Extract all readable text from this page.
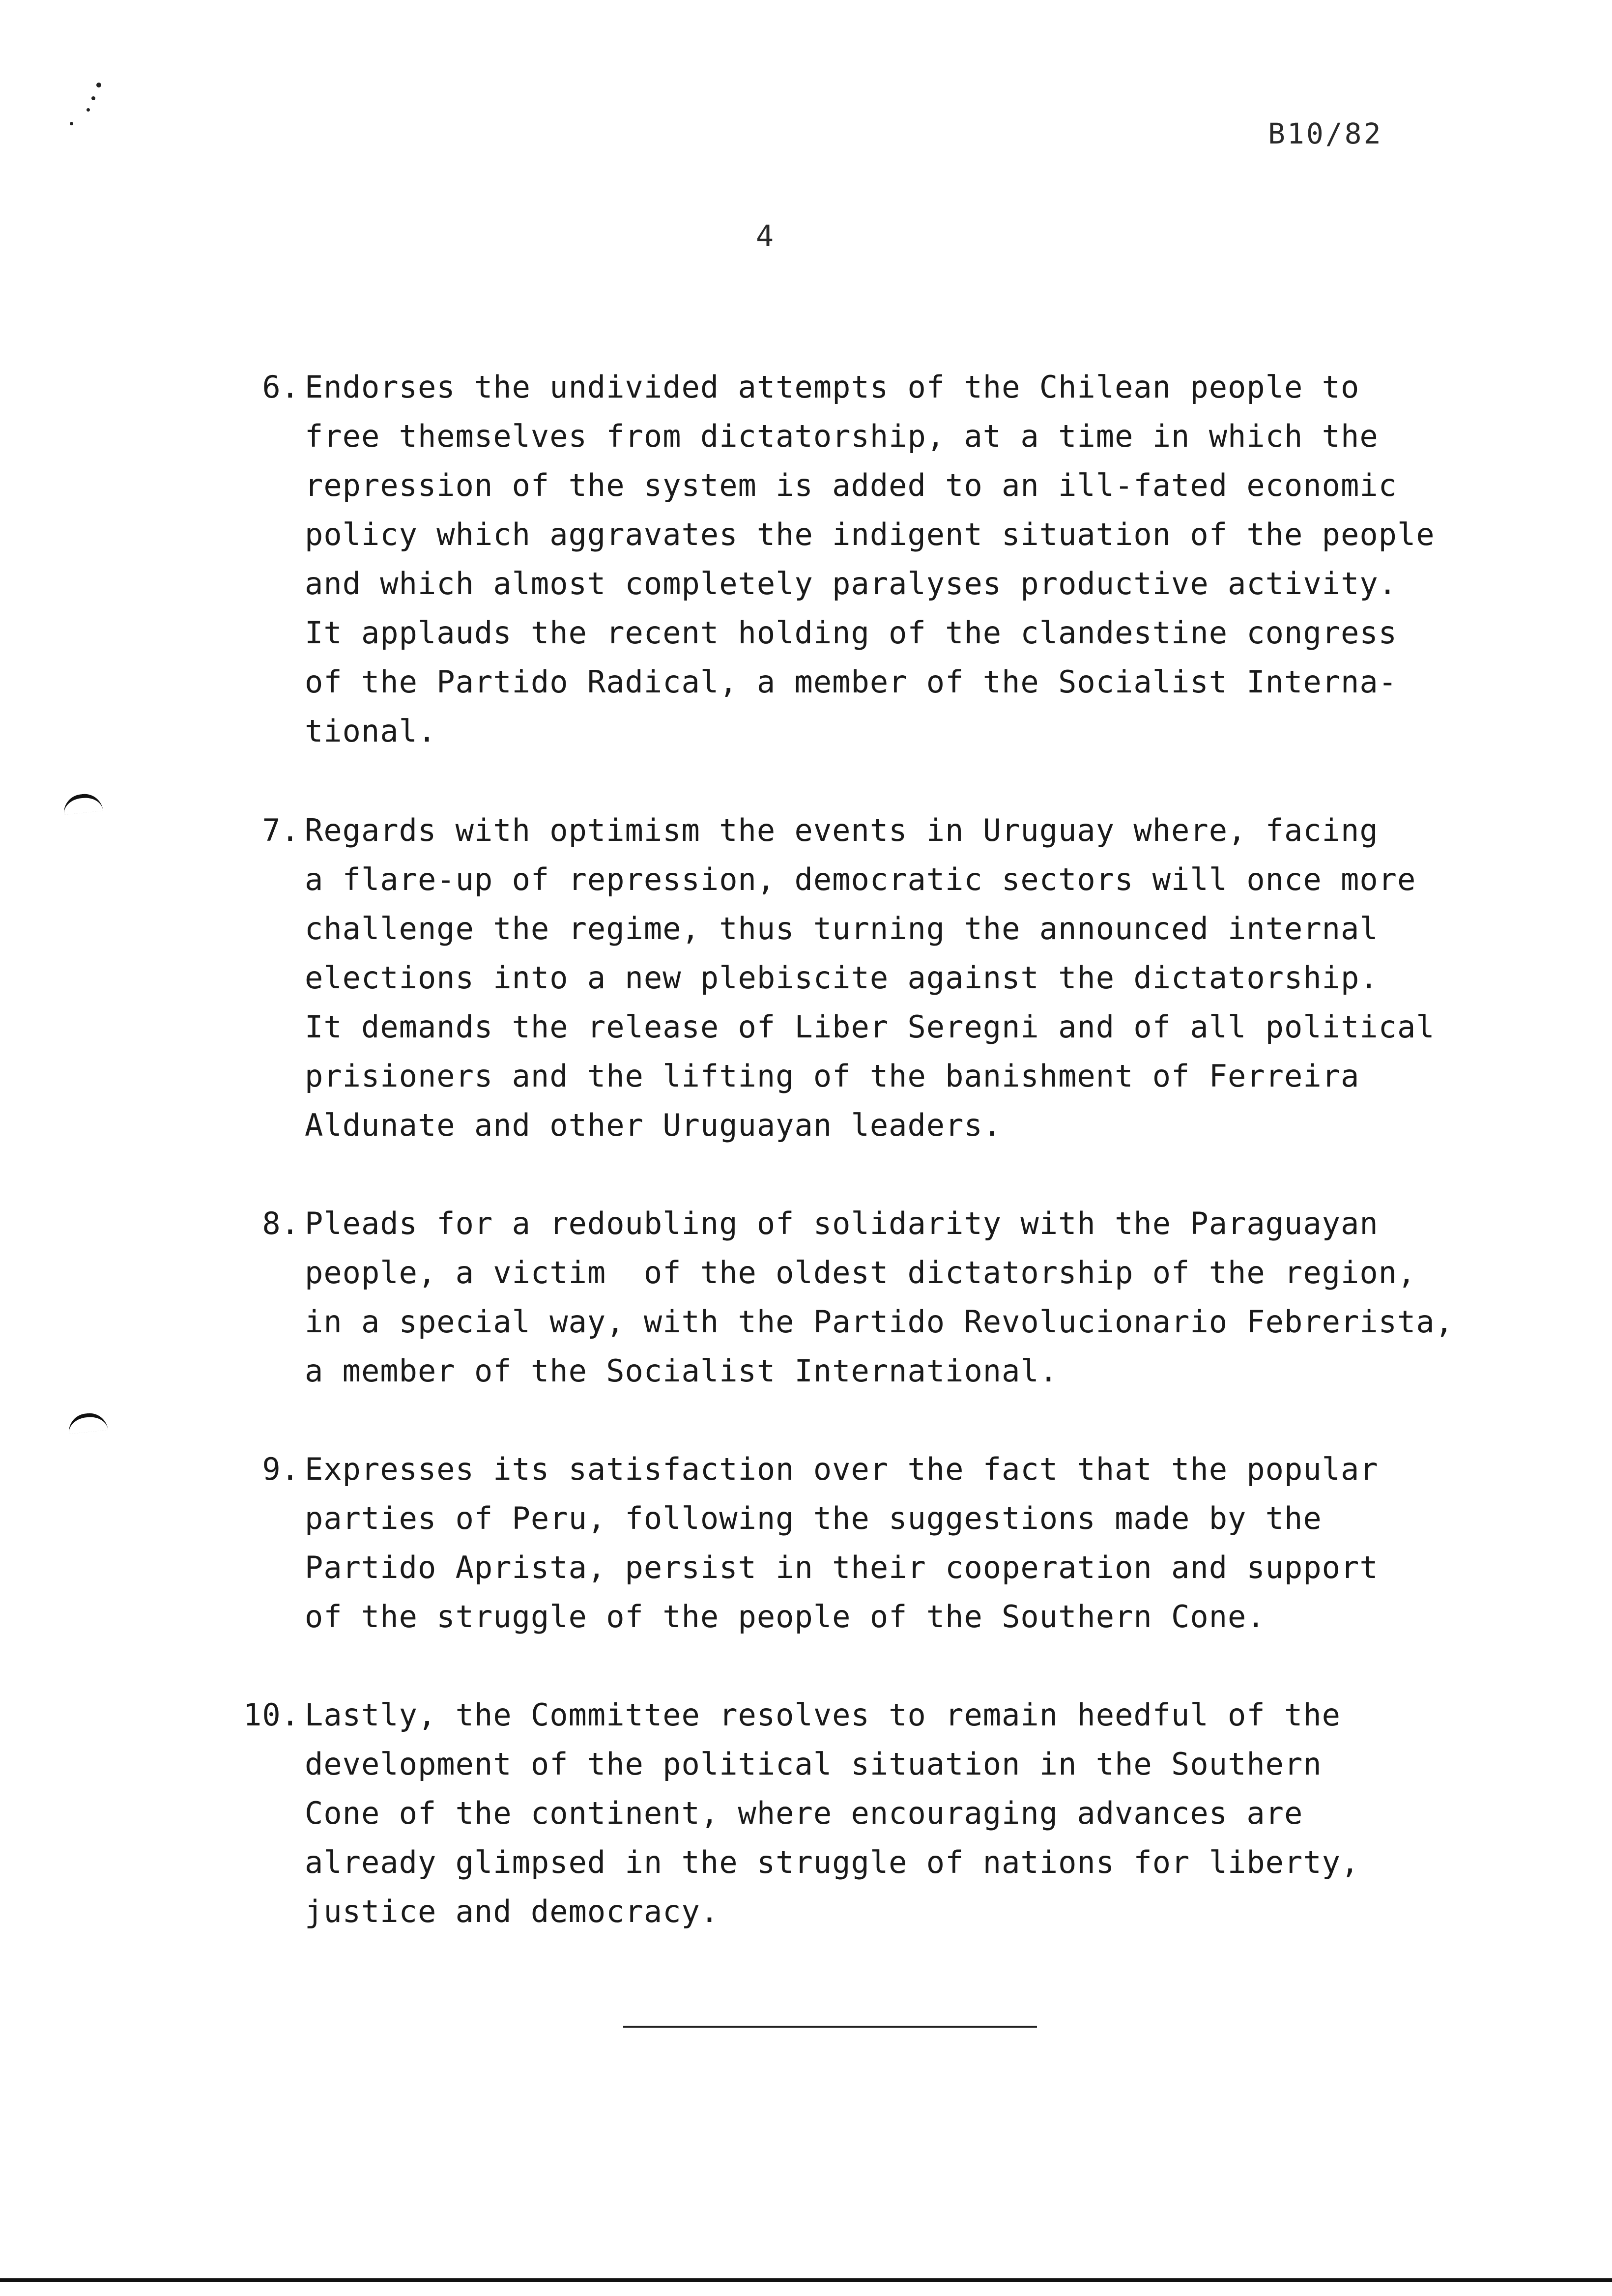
B10/82
4
6. Endorses the undivided attempts of the Chilean people to
free themselves from dictatorship, at a time in which the
repression of the system is added to an ill-fated economic
policy which aggravates the indigent situation of the people
and which almost completely paralyses productive activity.
It applauds the recent holding of the clandestine congress
of the Partido Radical, a member of the Socialist Interna-
tional.
7. Regards with optimism the events in Uruguay where, facing
a flare-up of repression, democratic sectors will once more
challenge the regime, thus turning the announced internal
elections into a new plebiscite against the dictatorship.
It demands the release of Liber Seregni and of all political
prisioners and the lifting of the banishment of Ferreira
Aldunate and other Uruguayan leaders.
8. Pleads for a redoubling of solidarity with the Paraguayan
people, a victim  of the oldest dictatorship of the region,
in a special way, with the Partido Revolucionario Febrerista,
a member of the Socialist International.
9. Expresses its satisfaction over the fact that the popular
parties of Peru, following the suggestions made by the
Partido Aprista, persist in their cooperation and support
of the struggle of the people of the Southern Cone.
10. Lastly, the Committee resolves to remain heedful of the
development of the political situation in the Southern
Cone of the continent, where encouraging advances are
already glimpsed in the struggle of nations for liberty,
justice and democracy.
